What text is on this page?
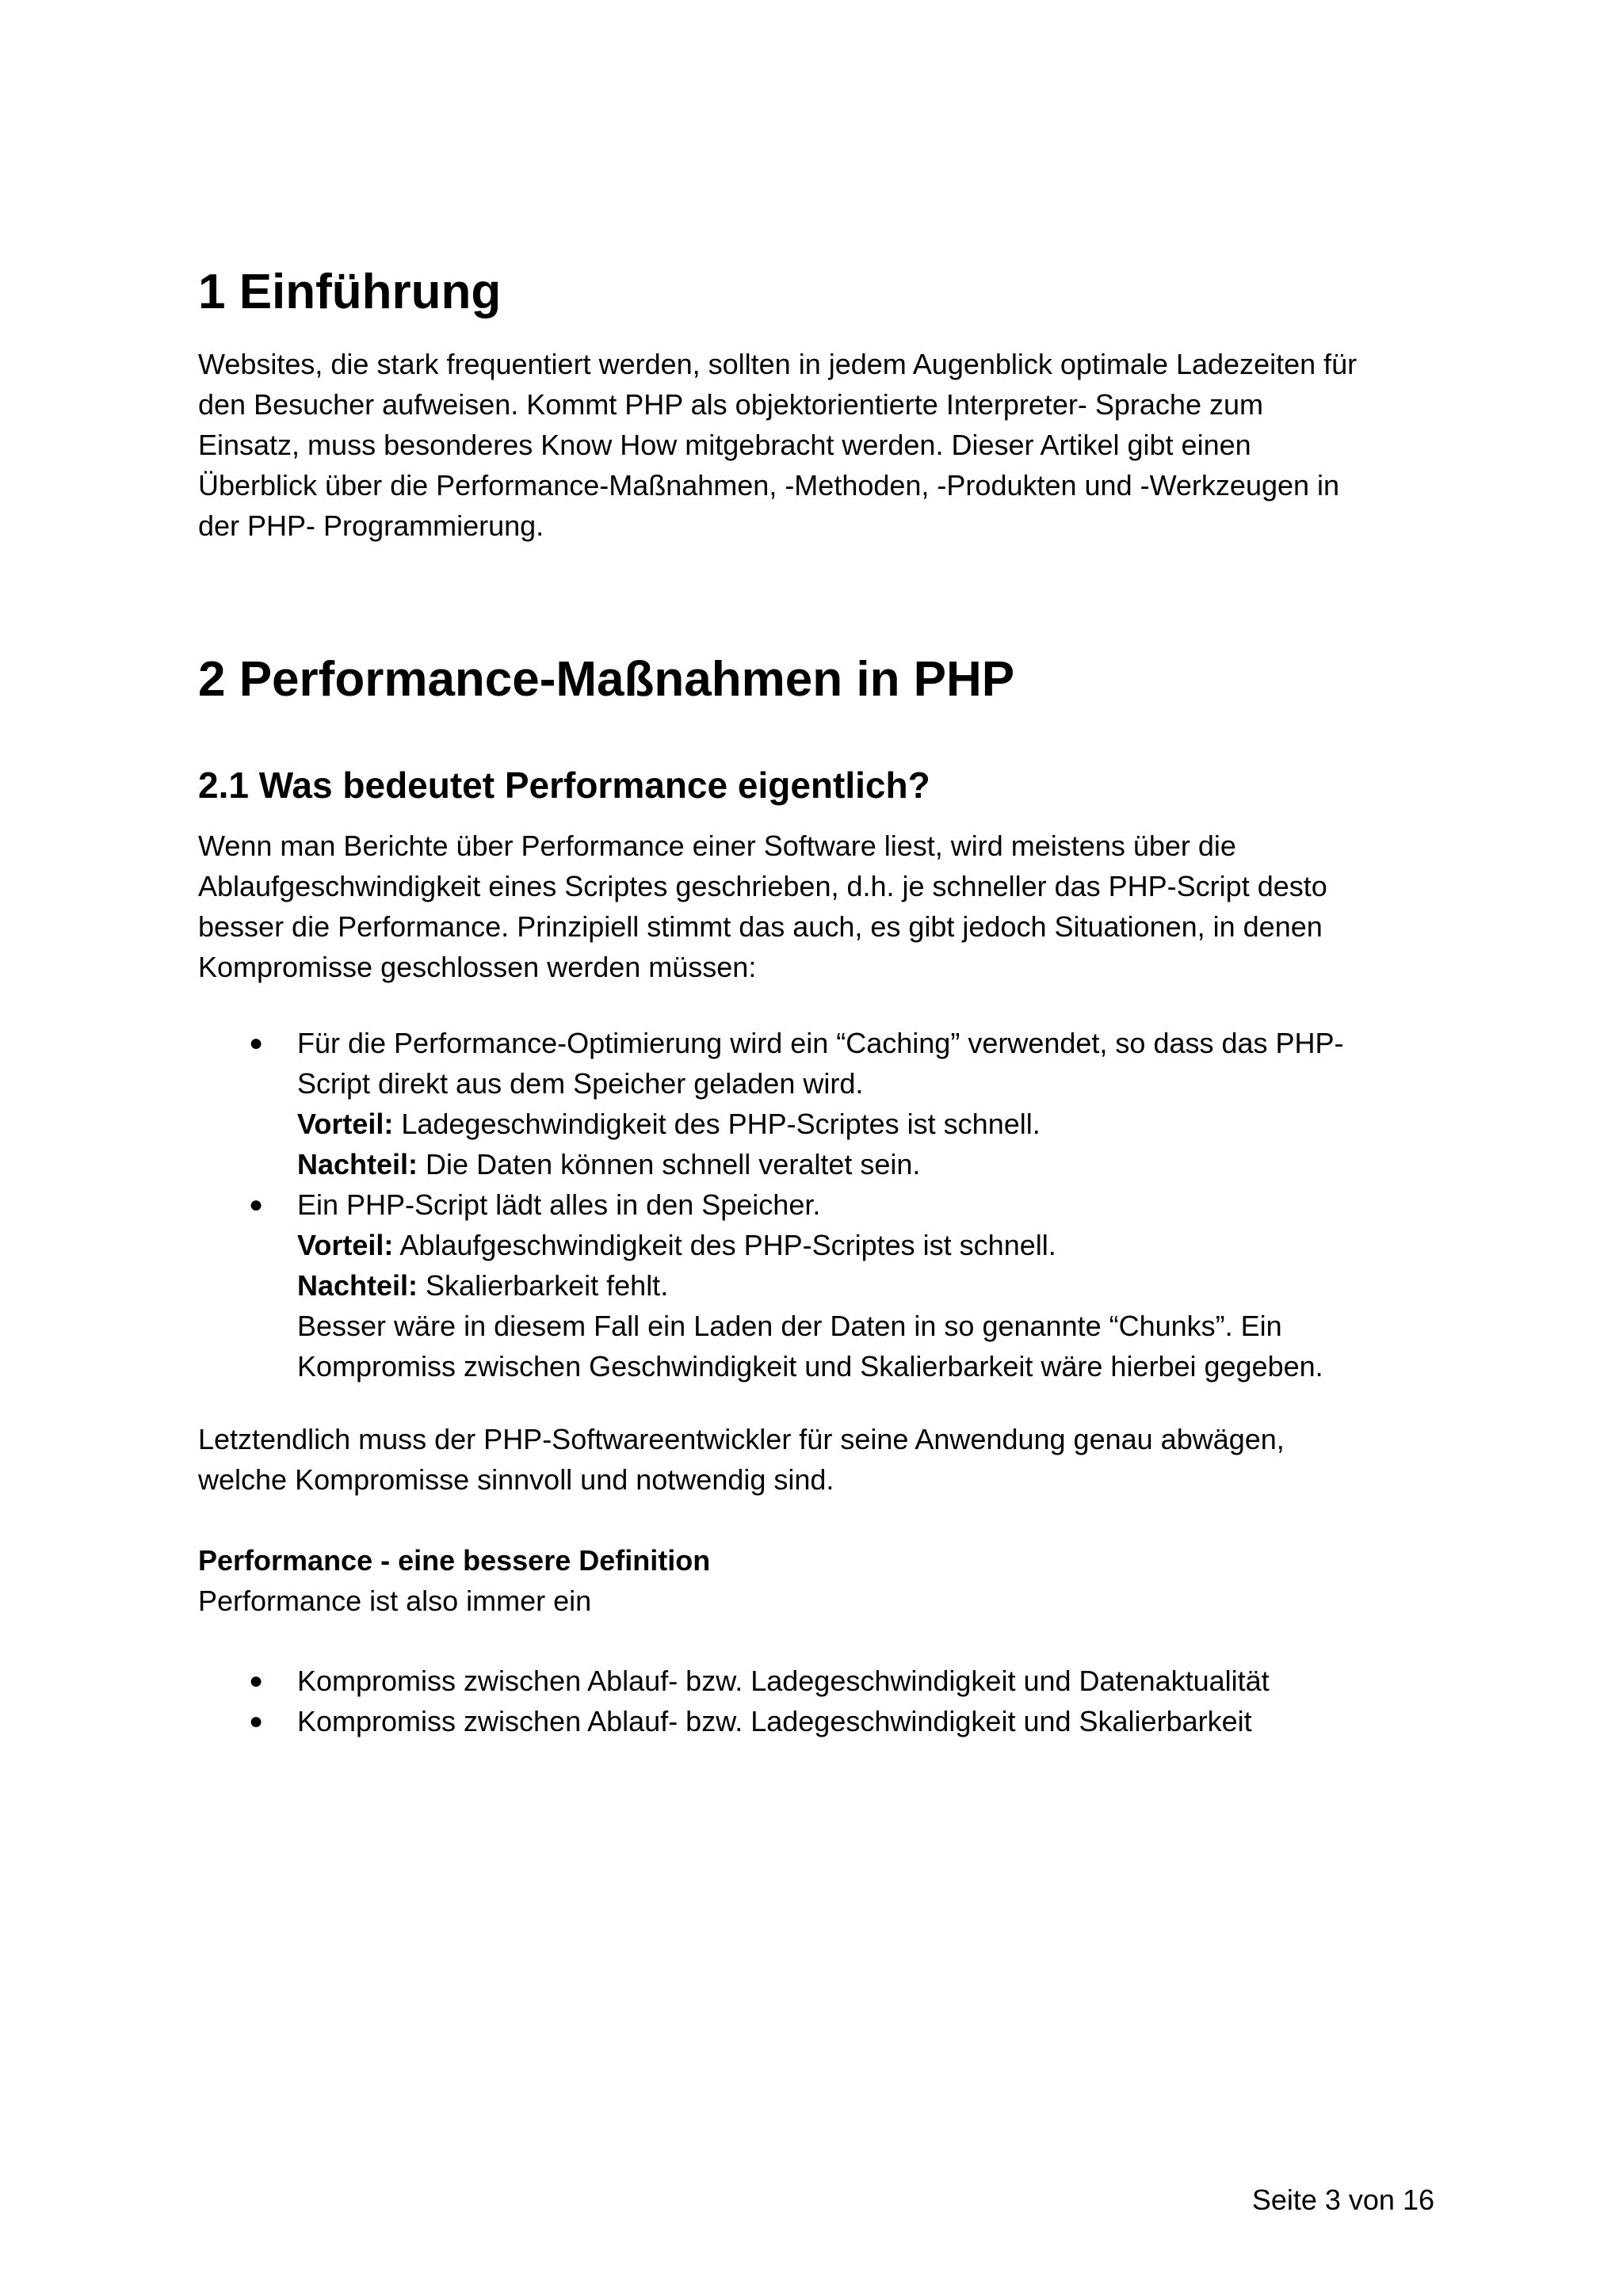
1 Einführung
Websites, die stark frequentiert werden, sollten in jedem Augenblick optimale Ladezeiten für
den Besucher aufweisen. Kommt PHP als objektorientierte Interpreter- Sprache zum
Einsatz, muss besonderes Know How mitgebracht werden. Dieser Artikel gibt einen
Überblick über die Performance-Maßnahmen, -Methoden, -Produkten und -Werkzeugen in
der PHP- Programmierung.
2 Performance-Maßnahmen in PHP
2.1 Was bedeutet Performance eigentlich?
Wenn man Berichte über Performance einer Software liest, wird meistens über die
Ablaufgeschwindigkeit eines Scriptes geschrieben, d.h. je schneller das PHP-Script desto
besser die Performance. Prinzipiell stimmt das auch, es gibt jedoch Situationen, in denen
Kompromisse geschlossen werden müssen:
● Für die Performance-Optimierung wird ein “Caching” verwendet, so dass das PHP-
Script direkt aus dem Speicher geladen wird.
Vorteil: Ladegeschwindigkeit des PHP-Scriptes ist schnell.
Nachteil: Die Daten können schnell veraltet sein.
● Ein PHP-Script lädt alles in den Speicher.
Vorteil: Ablaufgeschwindigkeit des PHP-Scriptes ist schnell.
Nachteil: Skalierbarkeit fehlt.
Besser wäre in diesem Fall ein Laden der Daten in so genannte “Chunks”. Ein
Kompromiss zwischen Geschwindigkeit und Skalierbarkeit wäre hierbei gegeben.
Letztendlich muss der PHP-Softwareentwickler für seine Anwendung genau abwägen,
welche Kompromisse sinnvoll und notwendig sind.
Performance - eine bessere Definition
Performance ist also immer ein
● Kompromiss zwischen Ablauf- bzw. Ladegeschwindigkeit und Datenaktualität
● Kompromiss zwischen Ablauf- bzw. Ladegeschwindigkeit und Skalierbarkeit
Seite 3 von 16
